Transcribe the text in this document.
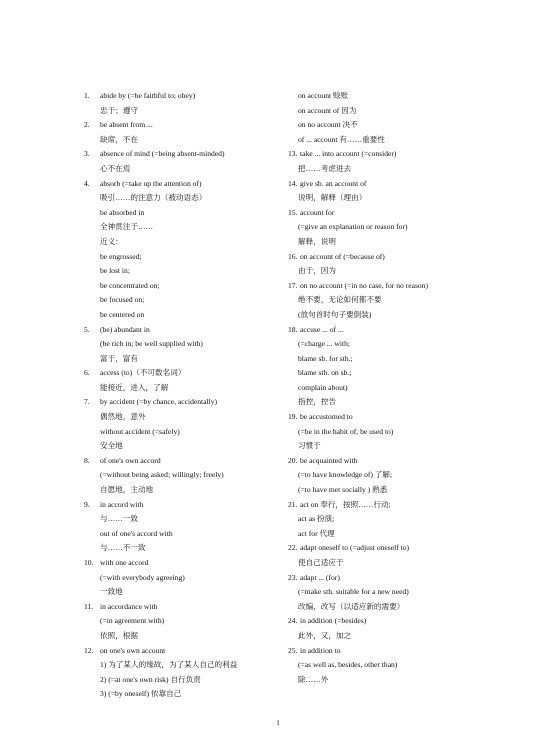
1. abide by (=be faithful to; obey)
忠于；遵守
2. be absent from ...
缺席，不在
3. absence of mind (=being absent-minded)
心不在焉
4. absorb (=take up the attention of)
吸引……的注意力（被动语态）
be absorbed in
全神贯注于……
近义：
be engrossed;
be lost in;
be concentrated on;
be focused on;
be centered on
5. (be) abundant in
(be rich in; be well supplied with)
富于，富有
6. access (to)（不可数名词）
能接近，进入，了解
7. by accident (=by chance, accidentally)
偶然地，意外
without accident (=safely)
安全地
8. of one's own accord
(=without being asked; willingly; freely)
自愿地，主动地
9. in accord with
与……一致
out of one's accord with
与……不一致
10. with one accord
(=with everybody agreeing)
一致地
11. in accordance with
(=in agreement with)
依照，根据
12. on one's own account
1) 为了某人的缘故，为了某人自己的利益
2) (=at one's own risk) 自行负责
3) (=by oneself) 依靠自己
on account 赊账
on account of 因为
on no account 决不
of ... account 有……重要性
13. take ... into account (=consider)
把……考虑进去
14. give sb. an account of
说明，解释（理由）
15. account for
(=give an explanation or reason for)
解释，说明
16. on account of (=because of)
由于，因为
17. on no account (=in no case, for no reason)
绝不要，无论如何都不要
(放句首时句子要倒装)
18. accuse ... of ...
(=charge ... with;
blame sb. for sth.;
blame sth. on sb.;
complain about)
指控，控告
19. be accustomed to
(=be in the habit of, be used to)
习惯于
20. be acquainted with
(=to have knowledge of) 了解;
(=to have met socially ) 熟悉
21. act on 奉行，按照……行动;
act as 扮演;
act for 代理
22. adapt oneself to (=adjust oneself to)
使自己适应于
23. adapt ... (for)
(=make sth. suitable for a new need)
改编，改写（以适应新的需要）
24. in addition (=besides)
此外，又，加之
25. in addition to
(=as well as, besides, other than)
除……外
1
